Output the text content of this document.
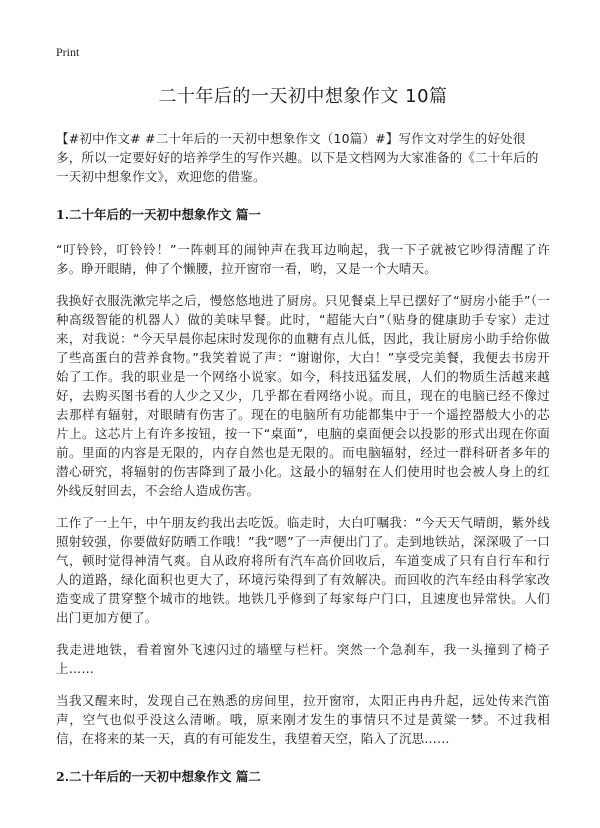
Print
二十年后的一天初中想象作文 10篇
【#初中作文# #二十年后的一天初中想象作文（10篇）#】写作文对学生的好处很多，所以一定要好好的培养学生的写作兴趣。以下是文档网为大家准备的《二十年后的一天初中想象作文》，欢迎您的借鉴。
1.二十年后的一天初中想象作文 篇一
“叮铃铃，叮铃铃！”一阵刺耳的闹钟声在我耳边响起，我一下子就被它吵得清醒了许多。睁开眼睛，伸了个懒腰，拉开窗帘一看，哟，又是一个大晴天。
我换好衣服洗漱完毕之后，慢悠悠地进了厨房。只见餐桌上早已摆好了“厨房小能手”（一种高级智能的机器人）做的美味早餐。此时，“超能大白”（贴身的健康助手专家）走过来，对我说：“今天早晨你起床时发现你的血糖有点儿低，因此，我让厨房小助手给你做了些高蛋白的营养食物。”我笑着说了声：“谢谢你，大白！”享受完美餐，我便去书房开始了工作。我的职业是一个网络小说家。如今，科技迅猛发展，人们的物质生活越来越好，去购买图书看的人少之又少，几乎都在看网络小说。而且，现在的电脑已经不像过去那样有辐射，对眼睛有伤害了。现在的电脑所有功能都集中于一个遥控器般大小的芯片上。这芯片上有许多按钮，按一下“桌面”，电脑的桌面便会以投影的形式出现在你面前。里面的内容是无限的，内存自然也是无限的。而电脑辐射，经过一群科研者多年的潜心研究，将辐射的伤害降到了最小化。这最小的辐射在人们使用时也会被人身上的红外线反射回去，不会给人造成伤害。
工作了一上午，中午朋友约我出去吃饭。临走时，大白叮嘱我：“今天天气晴朗，紫外线照射较强，你要做好防晒工作哦！”我“嗯”了一声便出门了。走到地铁站，深深吸了一口气，顿时觉得神清气爽。自从政府将所有汽车高价回收后，车道变成了只有自行车和行人的道路，绿化面积也更大了，环境污染得到了有效解决。而回收的汽车经由科学家改造变成了贯穿整个城市的地铁。地铁几乎修到了每家每户门口，且速度也异常快。人们出门更加方便了。
我走进地铁，看着窗外飞速闪过的墙壁与栏杆。突然一个急刹车，我一头撞到了椅子上……
当我又醒来时，发现自己在熟悉的房间里，拉开窗帘，太阳正冉冉升起，远处传来汽笛声，空气也似乎没这么清晰。哦，原来刚才发生的事情只不过是黄粱一梦。不过我相信，在将来的某一天，真的有可能发生，我望着天空，陷入了沉思……
2.二十年后的一天初中想象作文 篇二
